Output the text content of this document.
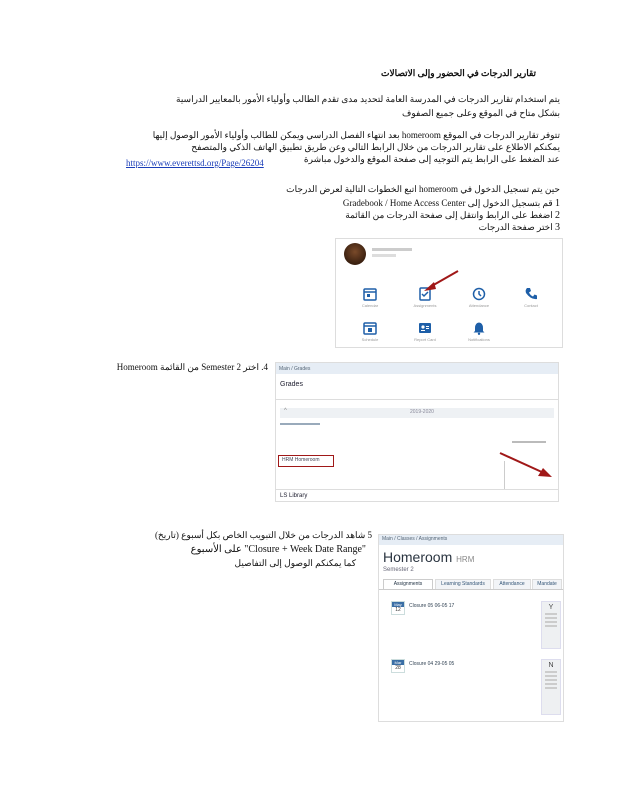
تقارير الدرجات في الحضور وإلى الاتصالات
يتم استخدام تقارير الدرجات في المدرسة العامة لتحديد مدى تقدم الطالب وأولياء الأمور بالمعايير الدراسية
بشكل متاح في الموقع وعلى جميع الصفوف
تتوفر تقارير الدرجات في الموقع homeroom بعد انتهاء الفصل الدراسي ويمكن للطالب وأولياء الأمور الوصول إليها
يمكنكم الاطلاع على تقارير الدرجات من خلال الرابط التالي وعن طريق تطبيق الهاتف الذكي والمتصفح
عند الضغط على الرابط يتم التوجيه إلى صفحة الموقع والدخول مباشرة
https://www.everettsd.org/Page/26204
حين يتم تسجيل الدخول في homeroom اتبع الخطوات التالية لعرض الدرجات
1 قم بتسجيل الدخول إلى Gradebook / Home Access Center
2 اضغط على الرابط وانتقل إلى صفحة الدرجات من القائمة
3 اختر صفحة الدرجات
Calendar	Assignments	Attendance	Contact
Schedule	Report Card	Notifications
4. اختر Semester 2 من القائمة Homeroom	Main / Grades
Grades
^	2019-2020
HRM Homeroom
LS Library
5 شاهد الدرجات من خلال التبويب الخاص بكل أسبوع (تاريخ)
"Closure + Week Date Range" على الأسبوع
كما يمكنكم الوصول إلى التفاصيل
Main / Classes / Assignments
Homeroom HRM
Semester 2
Assignments	Learning Standards	Attendance	Mandate
May
12
Closure 05 06-05 17	Y
Mar
28
Closure 04 29-05 05	N
